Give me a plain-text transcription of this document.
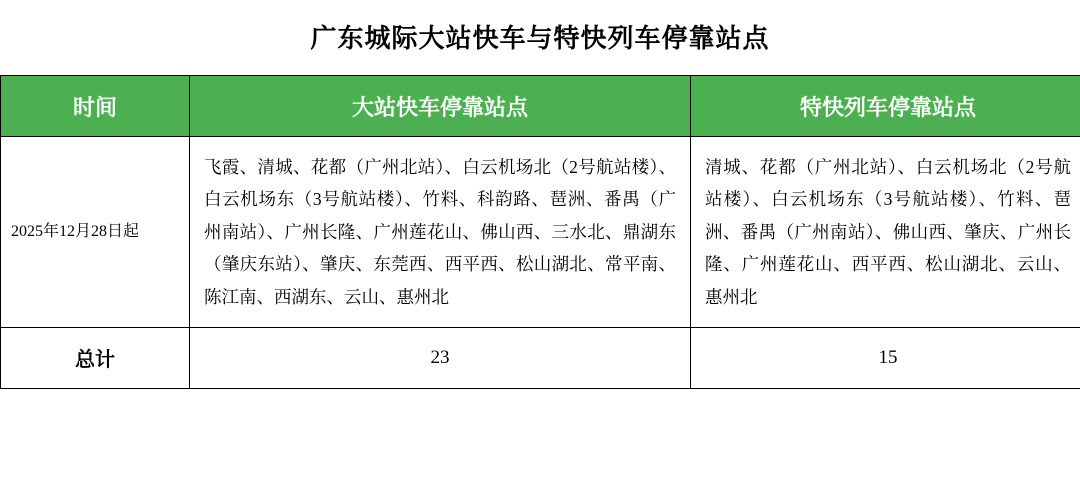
广东城际大站快车与特快列车停靠站点
时间	大站快车停靠站点	特快列车停靠站点
2025年12月28日起	飞霞、清城、花都（广州北站）、白云机场北（2号航站楼）、白云机场东（3号航站楼）、竹料、科韵路、琶洲、番禺（广州南站）、广州长隆、广州莲花山、佛山西、三水北、鼎湖东（肇庆东站）、肇庆、东莞西、西平西、松山湖北、常平南、陈江南、西湖东、云山、惠州北	清城、花都（广州北站）、白云机场北（2号航站楼）、白云机场东（3号航站楼）、竹料、琶洲、番禺（广州南站）、佛山西、肇庆、广州长隆、广州莲花山、西平西、松山湖北、云山、惠州北
总计	23	15
